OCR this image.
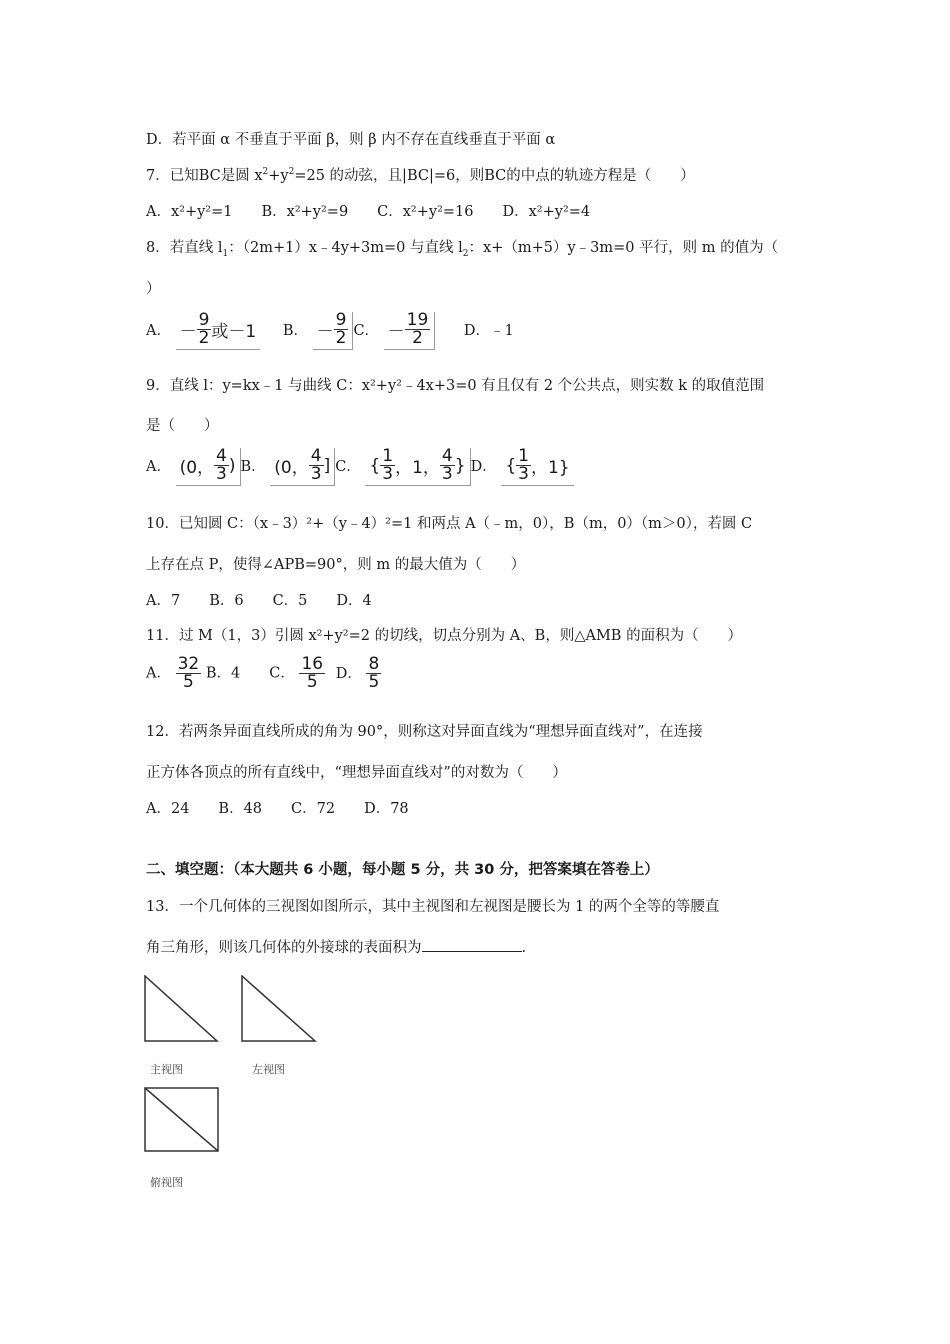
D．若平面 α 不垂直于平面 β，则 β 内不存在直线垂直于平面 α
7．已知BC是圆 $x^2+y^2=25$ 的动弦，且|BC|=6，则BC的中点的轨迹方程是（　　）
A．x²+y²=1　　B．x²+y²=9　　C．x²+y²=16　　D．x²+y²=4
8．若直线 $l_1$：（2m+1）x﹣4y+3m=0 与直线 $l_2$：x+（m+5）y﹣3m=0 平行，则 m 的值为（
）
A． － $\frac{9}{2}$ 或－1 B． － $\frac{9}{2}$ C． － $\frac{19}{2}$ D．﹣1
9．直线 l：y=kx﹣1 与曲线 C：x²+y²﹣4x+3=0 有且仅有 2 个公共点，则实数 k 的取值范围
是（　　）
A． (0， $\frac{4}{3}$ ) B． (0， $\frac{4}{3}$ ] C． { $\frac{1}{3}$ ，1， $\frac{4}{3}$ } D． { $\frac{1}{3}$ ，1}
10．已知圆 C：（x﹣3）²+（y﹣4）²=1 和两点 A（﹣m，0），B（m，0）（m＞0），若圆 C
上存在点 P，使得∠APB=90°，则 m 的最大值为（　　）
A．7　　B．6　　C．5　　D．4
11．过 M（1，3）引圆 x²+y²=2 的切线，切点分别为 A、B，则△AMB 的面积为（　　）
A． $\frac{32}{5}$ B．4　　C． $\frac{16}{5}$ D． $\frac{8}{5}$
12．若两条异面直线所成的角为 90°，则称这对异面直线为“理想异面直线对”，在连接
正方体各顶点的所有直线中，“理想异面直线对”的对数为（　　）
A．24　　B．48　　C．72　　D．78
二、填空题：（本大题共 6 小题，每小题 5 分，共 30 分，把答案填在答卷上）
13．一个几何体的三视图如图所示，其中主视图和左视图是腰长为 1 的两个全等的等腰直
角三角形，则该几何体的外接球的表面积为	.
主视图	左视图
俯视图
